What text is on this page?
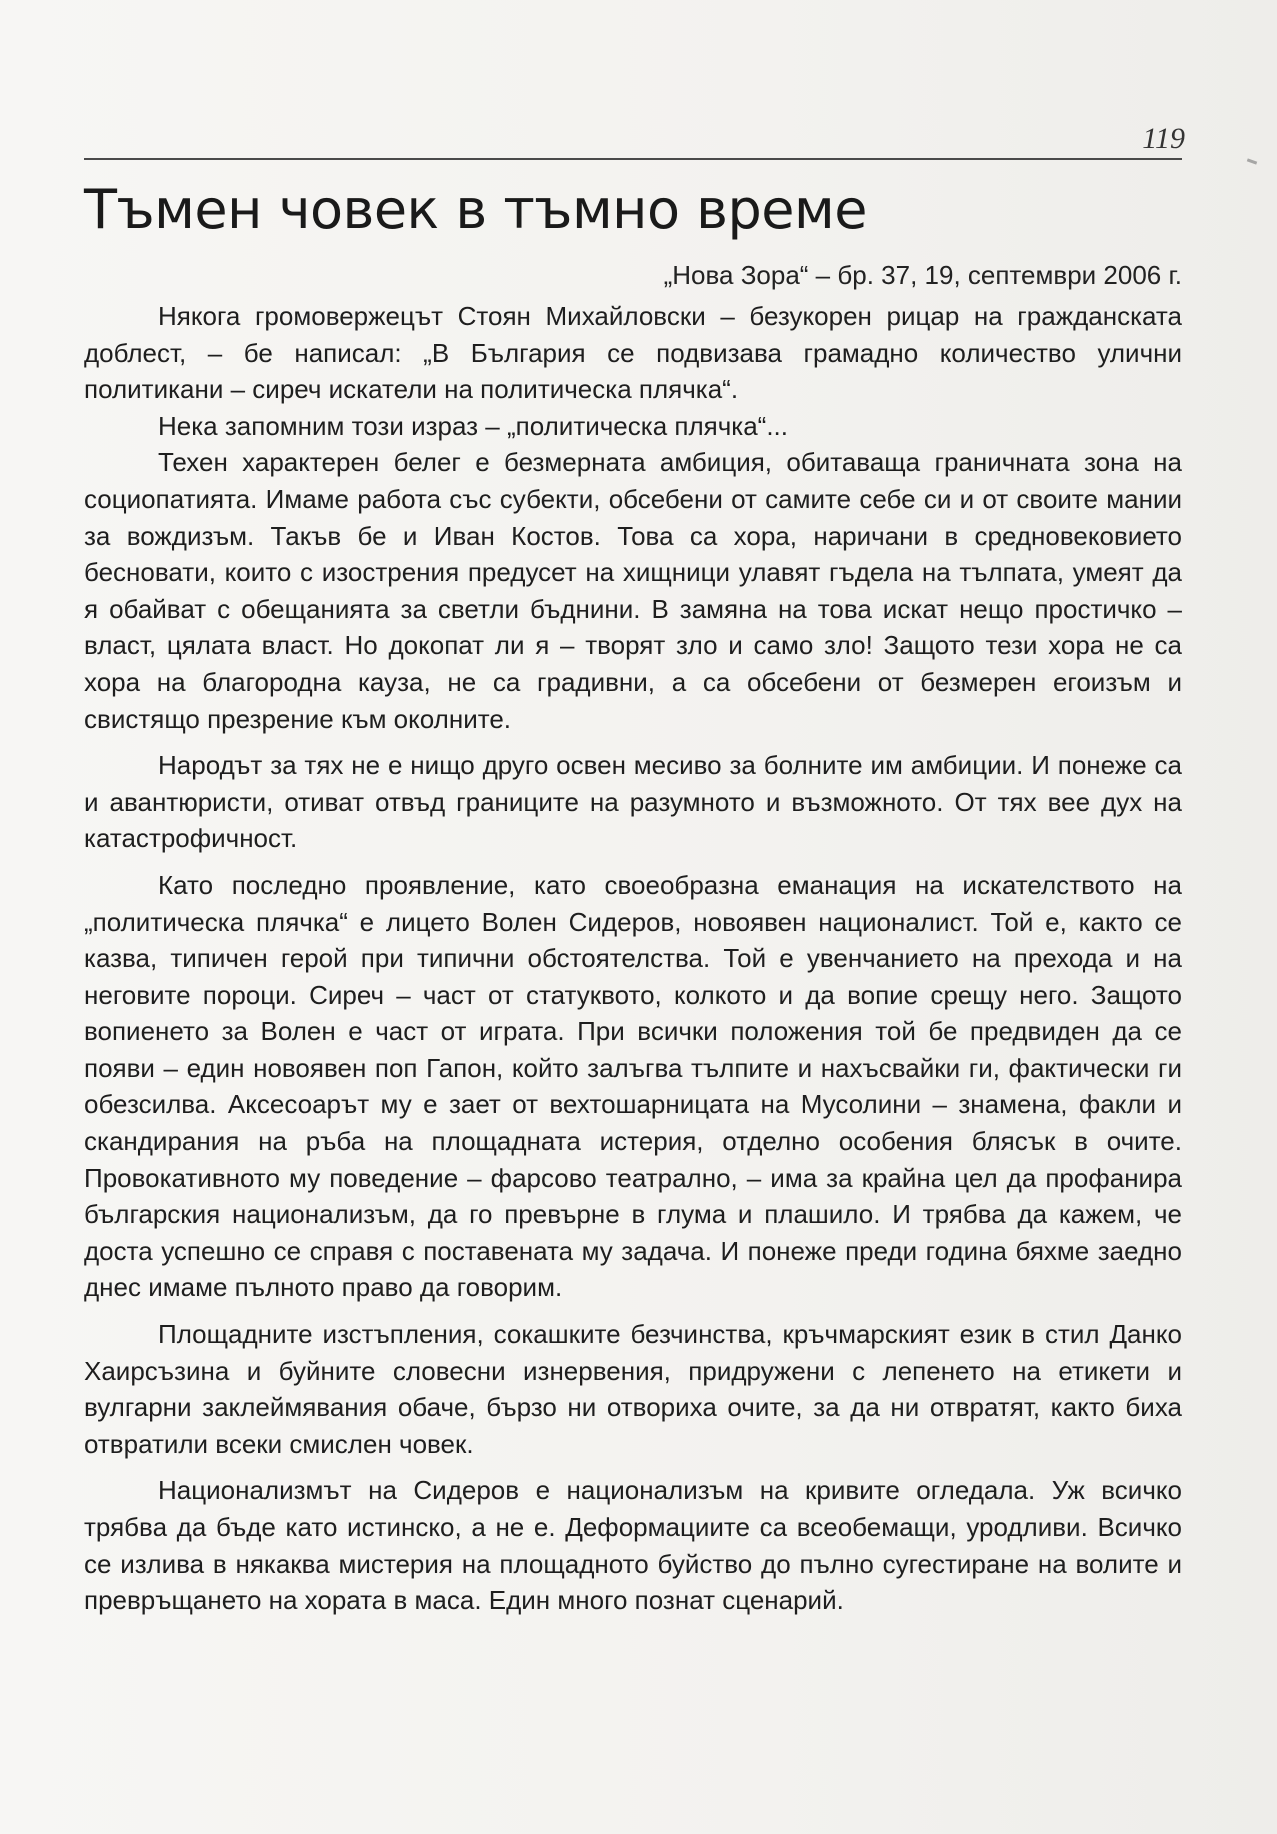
119
Тъмен човек в тъмно време

„Нова Зора“ – бр. 37, 19, септември 2006 г.

Някога громовержецът Стоян Михайловски – безукорен рицар на гражданската доблест, – бе написал: „В България се подвизава грамадно количество улични политикани – сиреч искатели на политическа плячка“.

Нека запомним този израз – „политическа плячка“...

Техен характерен белег е безмерната амбиция, обитаваща граничната зона на социопатията. Имаме работа със субекти, обсебени от самите себе си и от своите мании за вождизъм. Такъв бе и Иван Костов. Това са хора, наричани в средновековието бесновати, които с изострения предусет на хищници улавят гъдела на тълпата, умеят да я обайват с обещанията за светли бъднини. В замяна на това искат нещо простичко – власт, цялата власт. Но докопат ли я – творят зло и само зло! Защото тези хора не са хора на благородна кауза, не са градивни, а са обсебени от безмерен егоизъм и свистящо презрение към околните.

Народът за тях не е нищо друго освен месиво за болните им амбиции. И понеже са и авантюристи, отиват отвъд границите на разумното и възможното. От тях вее дух на катастрофичност.

Като последно проявление, като своеобразна еманация на искателството на „политическа плячка“ е лицето Волен Сидеров, новоявен националист. Той е, както се казва, типичен герой при типични обстоятелства. Той е увенчанието на прехода и на неговите пороци. Сиреч – част от статуквото, колкото и да вопие срещу него. Защото вопиенето за Волен е част от играта. При всички положения той бе предвиден да се появи – един новоявен поп Гапон, който залъгва тълпите и нахъсвайки ги, фактически ги обезсилва. Аксесоарът му е зает от вехтошарницата на Мусолини – знамена, факли и скандирания на ръба на площадната истерия, отделно особения блясък в очите. Провокативното му поведение – фарсово театрално, – има за крайна цел да профанира българския национализъм, да го превърне в глума и плашило. И трябва да кажем, че доста успешно се справя с поставената му задача. И понеже преди година бяхме заедно днес имаме пълното право да говорим.

Площадните изстъпления, сокашките безчинства, кръчмарският език в стил Данко Хаирсъзина и буйните словесни изнервения, придружени с лепенето на етикети и вулгарни заклеймявания обаче, бързо ни отвориха очите, за да ни отвратят, както биха отвратили всеки смислен човек.

Национализмът на Сидеров е национализъм на кривите огледала. Уж всичко трябва да бъде като истинско, а не е. Деформациите са всеобемащи, уродливи. Всичко се излива в някаква мистерия на площадното буйство до пълно сугестиране на волите и превръщането на хората в маса. Един много познат сценарий.
